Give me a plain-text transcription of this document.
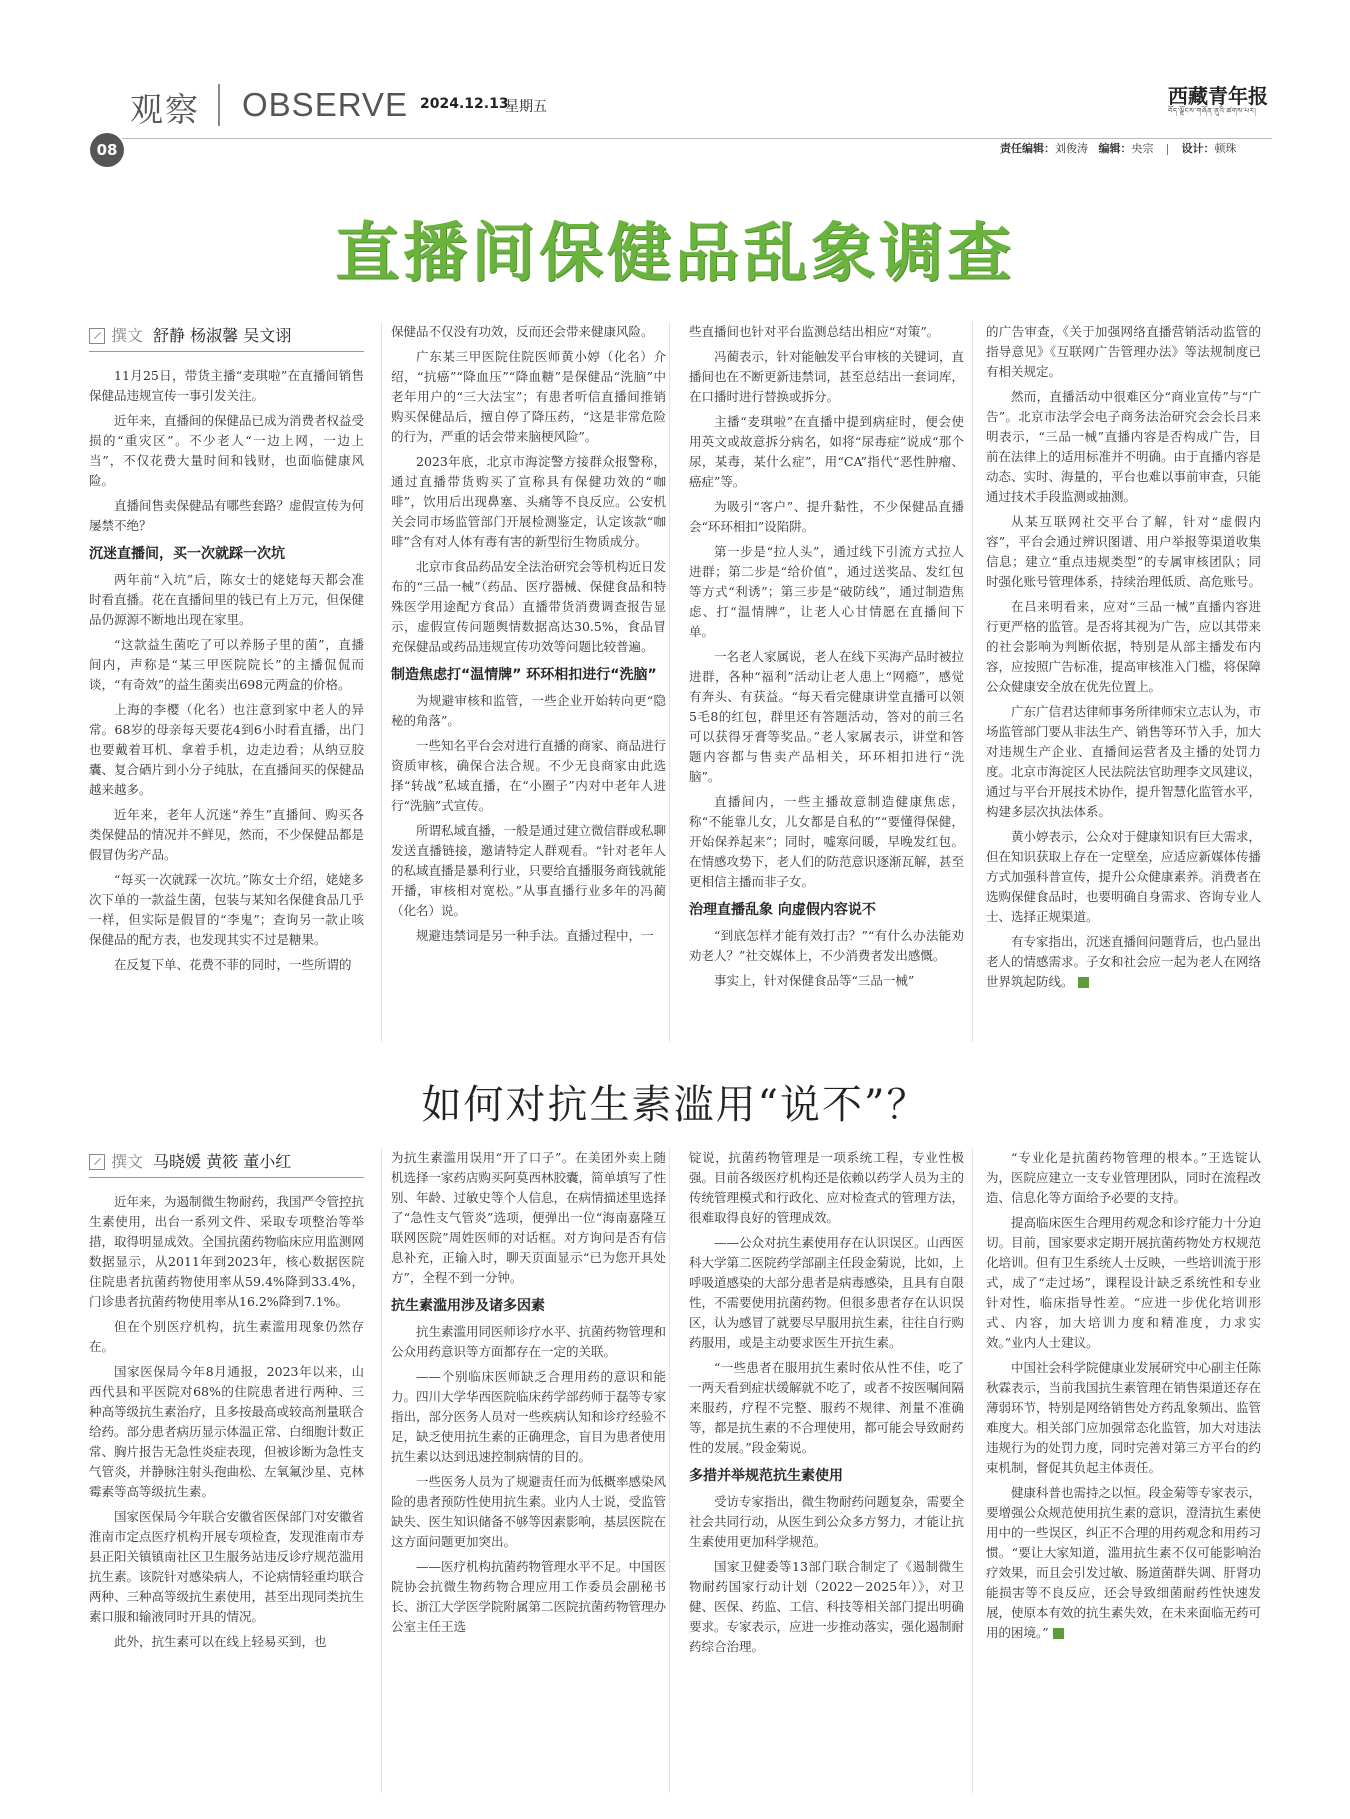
观察 OBSERVE 2024.12.13
星期五
08
西藏青年报
བོད་ལྗོངས་གཞོན་ནུའི་ཚགས་པར།
责任编辑：刘俊涛 编辑：央宗	设计：顿珠
直播间保健品乱象调查
撰文 舒静 杨淑馨 吴文诩

11月25日，带货主播“麦琪啦”在直播间销售保健品违规宣传一事引发关注。

近年来，直播间的保健品已成为消费者权益受损的“重灾区”。不少老人“一边上网，一边上当”，不仅花费大量时间和钱财，也面临健康风险。

直播间售卖保健品有哪些套路？虚假宣传为何屡禁不绝？

沉迷直播间，买一次就踩一次坑

两年前“入坑”后，陈女士的姥姥每天都会准时看直播。花在直播间里的钱已有上万元，但保健品仍源源不断地出现在家里。

“这款益生菌吃了可以养肠子里的菌”，直播间内，声称是“某三甲医院院长”的主播侃侃而谈，“有奇效”的益生菌卖出698元两盒的价格。

上海的李樱（化名）也注意到家中老人的异常。68岁的母亲每天要花4到6小时看直播，出门也要戴着耳机、拿着手机，边走边看；从纳豆胶囊、复合硒片到小分子纯肽，在直播间买的保健品越来越多。

近年来，老年人沉迷“养生”直播间、购买各类保健品的情况并不鲜见，然而，不少保健品都是假冒伪劣产品。

“每买一次就踩一次坑。”陈女士介绍，姥姥多次下单的一款益生菌，包装与某知名保健食品几乎一样，但实际是假冒的“李鬼”；查询另一款止咳保健品的配方表，也发现其实不过是糖果。

在反复下单、花费不菲的同时，一些所谓的

保健品不仅没有功效，反而还会带来健康风险。

广东某三甲医院住院医师黄小婷（化名）介绍，“抗癌”“降血压”“降血糖”是保健品“洗脑”中老年用户的“三大法宝”；有患者听信直播间推销购买保健品后，擅自停了降压药，“这是非常危险的行为，严重的话会带来脑梗风险”。

2023年底，北京市海淀警方接群众报警称，通过直播带货购买了宣称具有保健功效的“咖啡”，饮用后出现鼻塞、头痛等不良反应。公安机关会同市场监管部门开展检测鉴定，认定该款“咖啡”含有对人体有毒有害的新型衍生物质成分。

北京市食品药品安全法治研究会等机构近日发布的“三品一械”（药品、医疗器械、保健食品和特殊医学用途配方食品）直播带货消费调查报告显示，虚假宣传问题舆情数据高达30.5%，食品冒充保健品或药品违规宣传功效等问题比较普遍。

制造焦虑打“温情牌” 环环相扣进行“洗脑”

为规避审核和监管，一些企业开始转向更“隐秘的角落”。

一些知名平台会对进行直播的商家、商品进行资质审核，确保合法合规。不少无良商家由此选择“转战”私域直播，在“小圈子”内对中老年人进行“洗脑”式宣传。

所谓私域直播，一般是通过建立微信群或私聊发送直播链接，邀请特定人群观看。“针对老年人的私域直播是暴利行业，只要给直播服务商钱就能开播，审核相对宽松。”从事直播行业多年的冯蔺（化名）说。

规避违禁词是另一种手法。直播过程中，一

些直播间也针对平台监测总结出相应“对策”。

冯蔺表示，针对能触发平台审核的关键词，直播间也在不断更新违禁词，甚至总结出一套词库，在口播时进行替换或拆分。

主播“麦琪啦”在直播中提到病症时，便会使用英文或故意拆分病名，如将“尿毒症”说成“那个尿，某毒，某什么症”，用“CA”指代“恶性肿瘤、癌症”等。

为吸引“客户”、提升黏性，不少保健品直播会“环环相扣”设陷阱。

第一步是“拉人头”，通过线下引流方式拉人进群；第二步是“给价值”，通过送奖品、发红包等方式“利诱”；第三步是“破防线”，通过制造焦虑、打“温情牌”，让老人心甘情愿在直播间下单。

一名老人家属说，老人在线下买海产品时被拉进群，各种“福利”活动让老人患上“网瘾”，感觉有奔头、有获益。“每天看完健康讲堂直播可以领5毛8的红包，群里还有答题活动，答对的前三名可以获得牙膏等奖品。”老人家属表示，讲堂和答题内容都与售卖产品相关，环环相扣进行“洗脑”。

直播间内，一些主播故意制造健康焦虑，称“不能靠儿女，儿女都是自私的”“要懂得保健，开始保养起来”；同时，嘘寒问暖，早晚发红包。在情感攻势下，老人们的防范意识逐渐瓦解，甚至更相信主播而非子女。

治理直播乱象 向虚假内容说不

“到底怎样才能有效打击？”“有什么办法能劝劝老人？”社交媒体上，不少消费者发出感慨。

事实上，针对保健食品等“三品一械”

的广告审查，《关于加强网络直播营销活动监管的指导意见》《互联网广告管理办法》等法规制度已有相关规定。

然而，直播活动中很难区分“商业宣传”与“广告”。北京市法学会电子商务法治研究会会长吕来明表示，“三品一械”直播内容是否构成广告，目前在法律上的适用标准并不明确。由于直播内容是动态、实时、海量的，平台也难以事前审查，只能通过技术手段监测或抽测。

从某互联网社交平台了解，针对“虚假内容”，平台会通过辨识图谱、用户举报等渠道收集信息；建立“重点违规类型”的专属审核团队；同时强化账号管理体系，持续治理低质、高危账号。

在吕来明看来，应对“三品一械”直播内容进行更严格的监管。是否将其视为广告，应以其带来的社会影响为判断依据，特别是从部主播发布内容，应按照广告标准，提高审核准入门槛，将保障公众健康安全放在优先位置上。

广东广信君达律师事务所律师宋立志认为，市场监管部门要从非法生产、销售等环节入手，加大对违规生产企业、直播间运营者及主播的处罚力度。北京市海淀区人民法院法官助理李文凤建议，通过与平台开展技术协作，提升智慧化监管水平，构建多层次执法体系。

黄小婷表示，公众对于健康知识有巨大需求，但在知识获取上存在一定壁垒，应适应新媒体传播方式加强科普宣传，提升公众健康素养。消费者在选购保健食品时，也要明确自身需求、咨询专业人士、选择正规渠道。

有专家指出，沉迷直播间问题背后，也凸显出老人的情感需求。子女和社会应一起为老人在网络世界筑起防线。

如何对抗生素滥用“说不”？
撰文 马晓媛 黄筱 董小红

近年来，为遏制微生物耐药，我国严令管控抗生素使用，出台一系列文件、采取专项整治等举措，取得明显成效。全国抗菌药物临床应用监测网数据显示，从2011年到2023年，核心数据医院住院患者抗菌药物使用率从59.4%降到33.4%，门诊患者抗菌药物使用率从16.2%降到7.1%。

但在个别医疗机构，抗生素滥用现象仍然存在。

国家医保局今年8月通报，2023年以来，山西代县和平医院对68%的住院患者进行两种、三种高等级抗生素治疗，且多按最高或较高剂量联合给药。部分患者病历显示体温正常、白细胞计数正常、胸片报告无急性炎症表现，但被诊断为急性支气管炎，并静脉注射头孢曲松、左氧氟沙星、克林霉素等高等级抗生素。

国家医保局今年联合安徽省医保部门对安徽省淮南市定点医疗机构开展专项检查，发现淮南市寿县正阳关镇镇南社区卫生服务站违反诊疗规范滥用抗生素。该院针对感染病人，不论病情轻重均联合两种、三种高等级抗生素使用，甚至出现同类抗生素口服和输液同时开具的情况。

此外，抗生素可以在线上轻易买到，也

为抗生素滥用误用“开了口子”。在美团外卖上随机选择一家药店购买阿莫西林胶囊，简单填写了性别、年龄、过敏史等个人信息，在病情描述里选择了“急性支气管炎”选项，便弹出一位“海南嘉隆互联网医院”周姓医师的对话框。对方询问是否有信息补充，正输入时，聊天页面显示“已为您开具处方”，全程不到一分钟。

抗生素滥用涉及诸多因素

抗生素滥用同医师诊疗水平、抗菌药物管理和公众用药意识等方面都存在一定的关联。

——个别临床医师缺乏合理用药的意识和能力。四川大学华西医院临床药学部药师于磊等专家指出，部分医务人员对一些疾病认知和诊疗经验不足，缺乏使用抗生素的正确理念，盲目为患者使用抗生素以达到迅速控制病情的目的。

一些医务人员为了规避责任而为低概率感染风险的患者预防性使用抗生素。业内人士说，受监管缺失、医生知识储备不够等因素影响，基层医院在这方面问题更加突出。

——医疗机构抗菌药物管理水平不足。中国医院协会抗微生物药物合理应用工作委员会副秘书长、浙江大学医学院附属第二医院抗菌药物管理办公室主任王选

锭说，抗菌药物管理是一项系统工程，专业性极强。目前各级医疗机构还是依赖以药学人员为主的传统管理模式和行政化、应对检查式的管理方法，很难取得良好的管理成效。

——公众对抗生素使用存在认识误区。山西医科大学第二医院药学部副主任段金菊说，比如，上呼吸道感染的大部分患者是病毒感染，且具有自限性，不需要使用抗菌药物。但很多患者存在认识误区，认为感冒了就要尽早服用抗生素，往往自行购药服用，或是主动要求医生开抗生素。

“一些患者在服用抗生素时依从性不佳，吃了一两天看到症状缓解就不吃了，或者不按医嘱间隔来服药，疗程不完整、服药不规律、剂量不准确等，都是抗生素的不合理使用，都可能会导致耐药性的发展。”段金菊说。

多措并举规范抗生素使用

受访专家指出，微生物耐药问题复杂，需要全社会共同行动，从医生到公众多方努力，才能让抗生素使用更加科学规范。

国家卫健委等13部门联合制定了《遏制微生物耐药国家行动计划（2022－2025年）》，对卫健、医保、药监、工信、科技等相关部门提出明确要求。专家表示，应进一步推动落实，强化遏制耐药综合治理。

“专业化是抗菌药物管理的根本。”王选锭认为，医院应建立一支专业管理团队，同时在流程改造、信息化等方面给予必要的支持。

提高临床医生合理用药观念和诊疗能力十分迫切。目前，国家要求定期开展抗菌药物处方权规范化培训。但有卫生系统人士反映，一些培训流于形式，成了“走过场”，课程设计缺乏系统性和专业针对性，临床指导性差。“应进一步优化培训形式、内容，加大培训力度和精准度，力求实效。”业内人士建议。

中国社会科学院健康业发展研究中心副主任陈秋霖表示，当前我国抗生素管理在销售渠道还存在薄弱环节，特别是网络销售处方药乱象频出、监管难度大。相关部门应加强常态化监管，加大对违法违规行为的处罚力度，同时完善对第三方平台的约束机制，督促其负起主体责任。

健康科普也需持之以恒。段金菊等专家表示，要增强公众规范使用抗生素的意识，澄清抗生素使用中的一些误区，纠正不合理的用药观念和用药习惯。“要让大家知道，滥用抗生素不仅可能影响治疗效果，而且会引发过敏、肠道菌群失调、肝肾功能损害等不良反应，还会导致细菌耐药性快速发展，使原本有效的抗生素失效，在未来面临无药可用的困境。”
